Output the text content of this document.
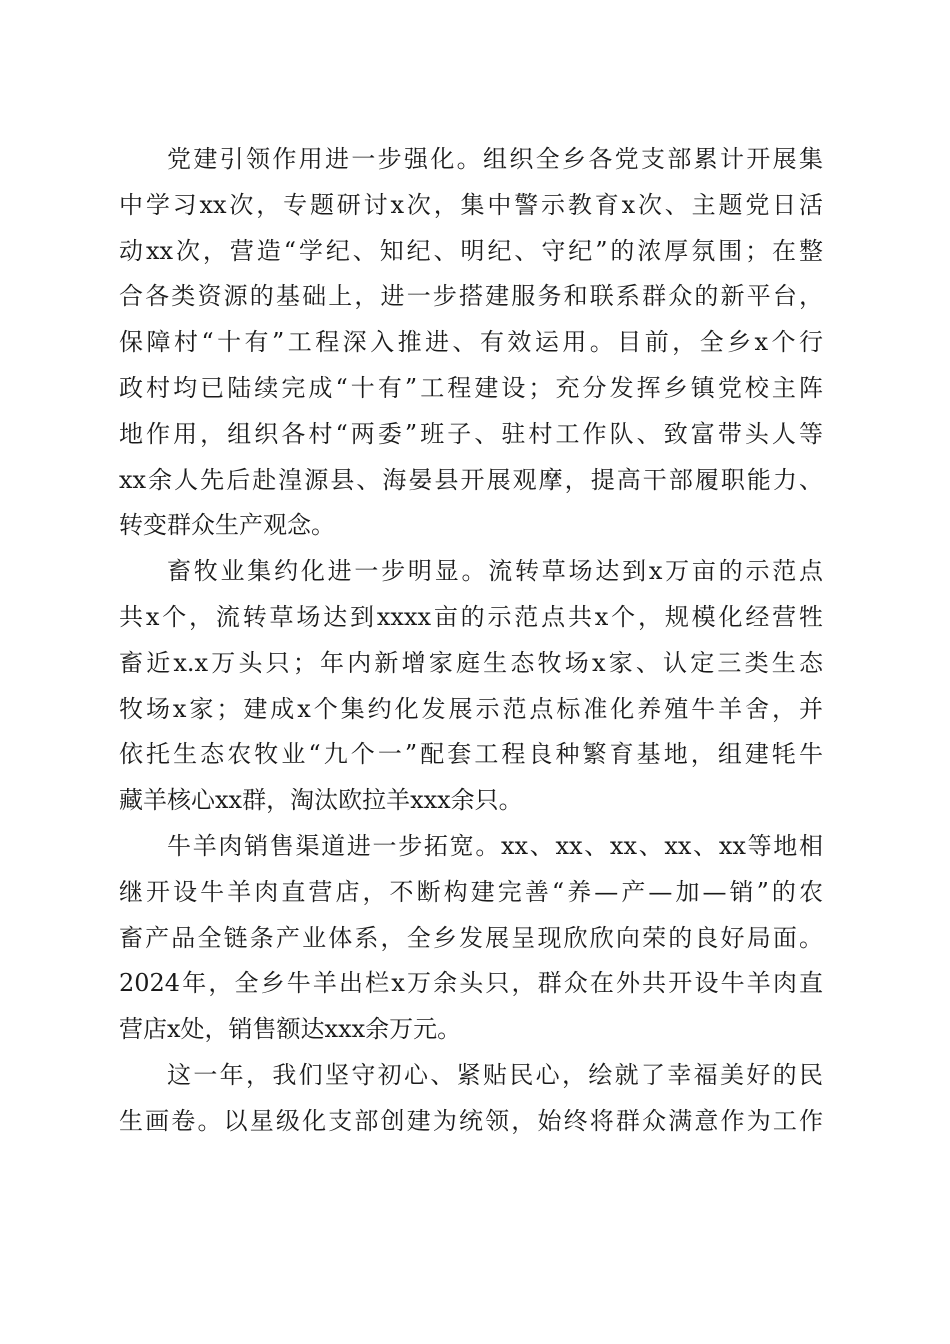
党建引领作用进一步强化。组织全乡各党支部累计开展集
中学习xx次，专题研讨x次，集中警示教育x次、主题党日活
动xx次，营造“学纪、知纪、明纪、守纪”的浓厚氛围；在整
合各类资源的基础上，进一步搭建服务和联系群众的新平台，
保障村“十有”工程深入推进、有效运用。目前，全乡x个行
政村均已陆续完成“十有”工程建设；充分发挥乡镇党校主阵
地作用，组织各村“两委”班子、驻村工作队、致富带头人等
xx余人先后赴湟源县、海晏县开展观摩，提高干部履职能力、
转变群众生产观念。
畜牧业集约化进一步明显。流转草场达到x万亩的示范点
共x个，流转草场达到xxxx亩的示范点共x个，规模化经营牲
畜近x.x万头只；年内新增家庭生态牧场x家、认定三类生态
牧场x家；建成x个集约化发展示范点标准化养殖牛羊舍，并
依托生态农牧业“九个一”配套工程良种繁育基地，组建牦牛
藏羊核心xx群，淘汰欧拉羊xxx余只。
牛羊肉销售渠道进一步拓宽。xx、xx、xx、xx、xx等地相
继开设牛羊肉直营店，不断构建完善“养—产—加—销”的农
畜产品全链条产业体系，全乡发展呈现欣欣向荣的良好局面。
2024年，全乡牛羊出栏x万余头只，群众在外共开设牛羊肉直
营店x处，销售额达xxx余万元。
这一年，我们坚守初心、紧贴民心，绘就了幸福美好的民
生画卷。以星级化支部创建为统领，始终将群众满意作为工作
